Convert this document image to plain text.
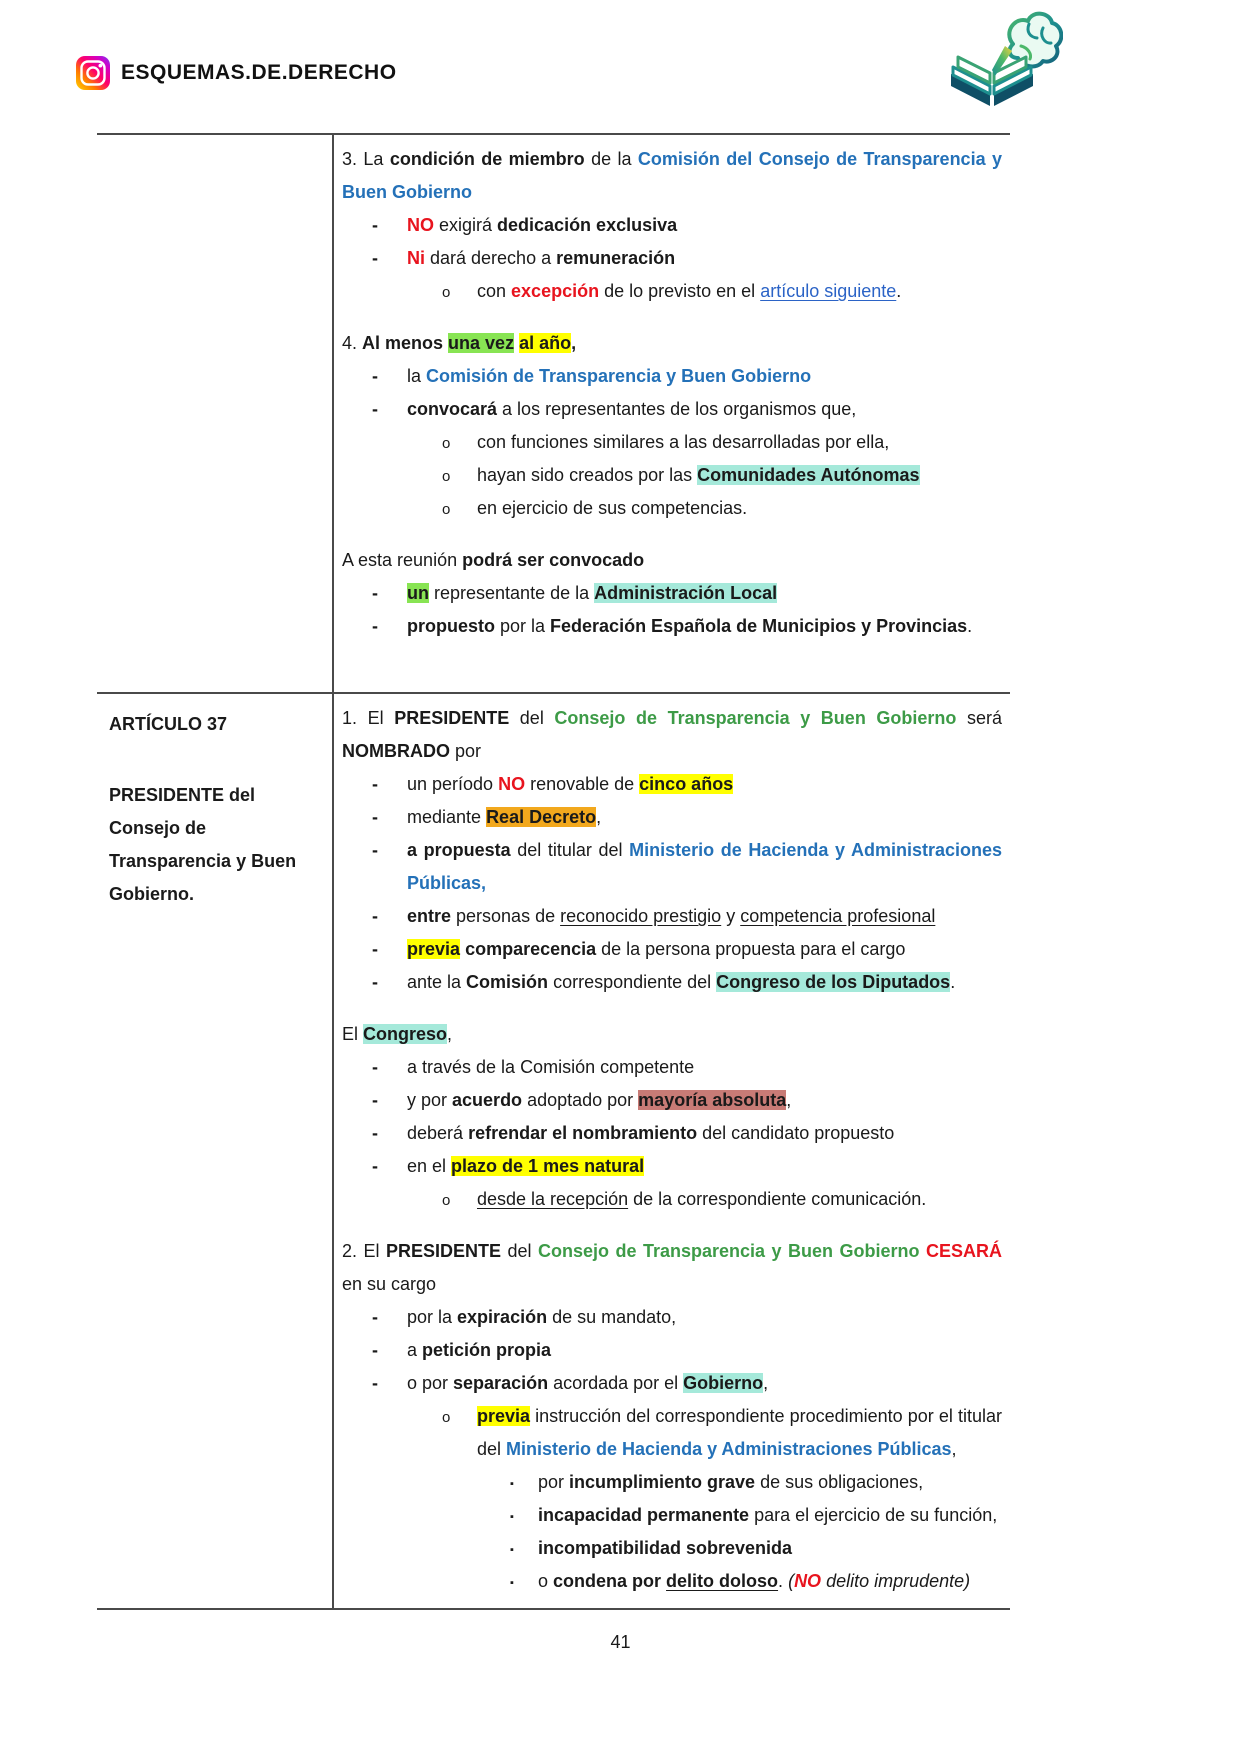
ESQUEMAS.DE.DERECHO
3. La condición de miembro de la Comisión del Consejo de Transparencia y Buen Gobierno
- NO exigirá dedicación exclusiva
- Ni dará derecho a remuneración
o con excepción de lo previsto en el artículo siguiente.
4. Al menos una vez al año,
- la Comisión de Transparencia y Buen Gobierno
- convocará a los representantes de los organismos que,
o con funciones similares a las desarrolladas por ella,
o hayan sido creados por las Comunidades Autónomas
o en ejercicio de sus competencias.
A esta reunión podrá ser convocado
- un representante de la Administración Local
- propuesto por la Federación Española de Municipios y Provincias.
ARTÍCULO 37
PRESIDENTE del Consejo de Transparencia y Buen Gobierno.
1. El PRESIDENTE del Consejo de Transparencia y Buen Gobierno será NOMBRADO por
- un período NO renovable de cinco años
- mediante Real Decreto,
- a propuesta del titular del Ministerio de Hacienda y Administraciones Públicas,
- entre personas de reconocido prestigio y competencia profesional
- previa comparecencia de la persona propuesta para el cargo
- ante la Comisión correspondiente del Congreso de los Diputados.
El Congreso,
- a través de la Comisión competente
- y por acuerdo adoptado por mayoría absoluta,
- deberá refrendar el nombramiento del candidato propuesto
- en el plazo de 1 mes natural
o desde la recepción de la correspondiente comunicación.
2. El PRESIDENTE del Consejo de Transparencia y Buen Gobierno CESARÁ en su cargo
- por la expiración de su mandato,
- a petición propia
- o por separación acordada por el Gobierno,
o previa instrucción del correspondiente procedimiento por el titular del Ministerio de Hacienda y Administraciones Públicas,
▪ por incumplimiento grave de sus obligaciones,
▪ incapacidad permanente para el ejercicio de su función,
▪ incompatibilidad sobrevenida
▪ o condena por delito doloso. (NO delito imprudente)
41
